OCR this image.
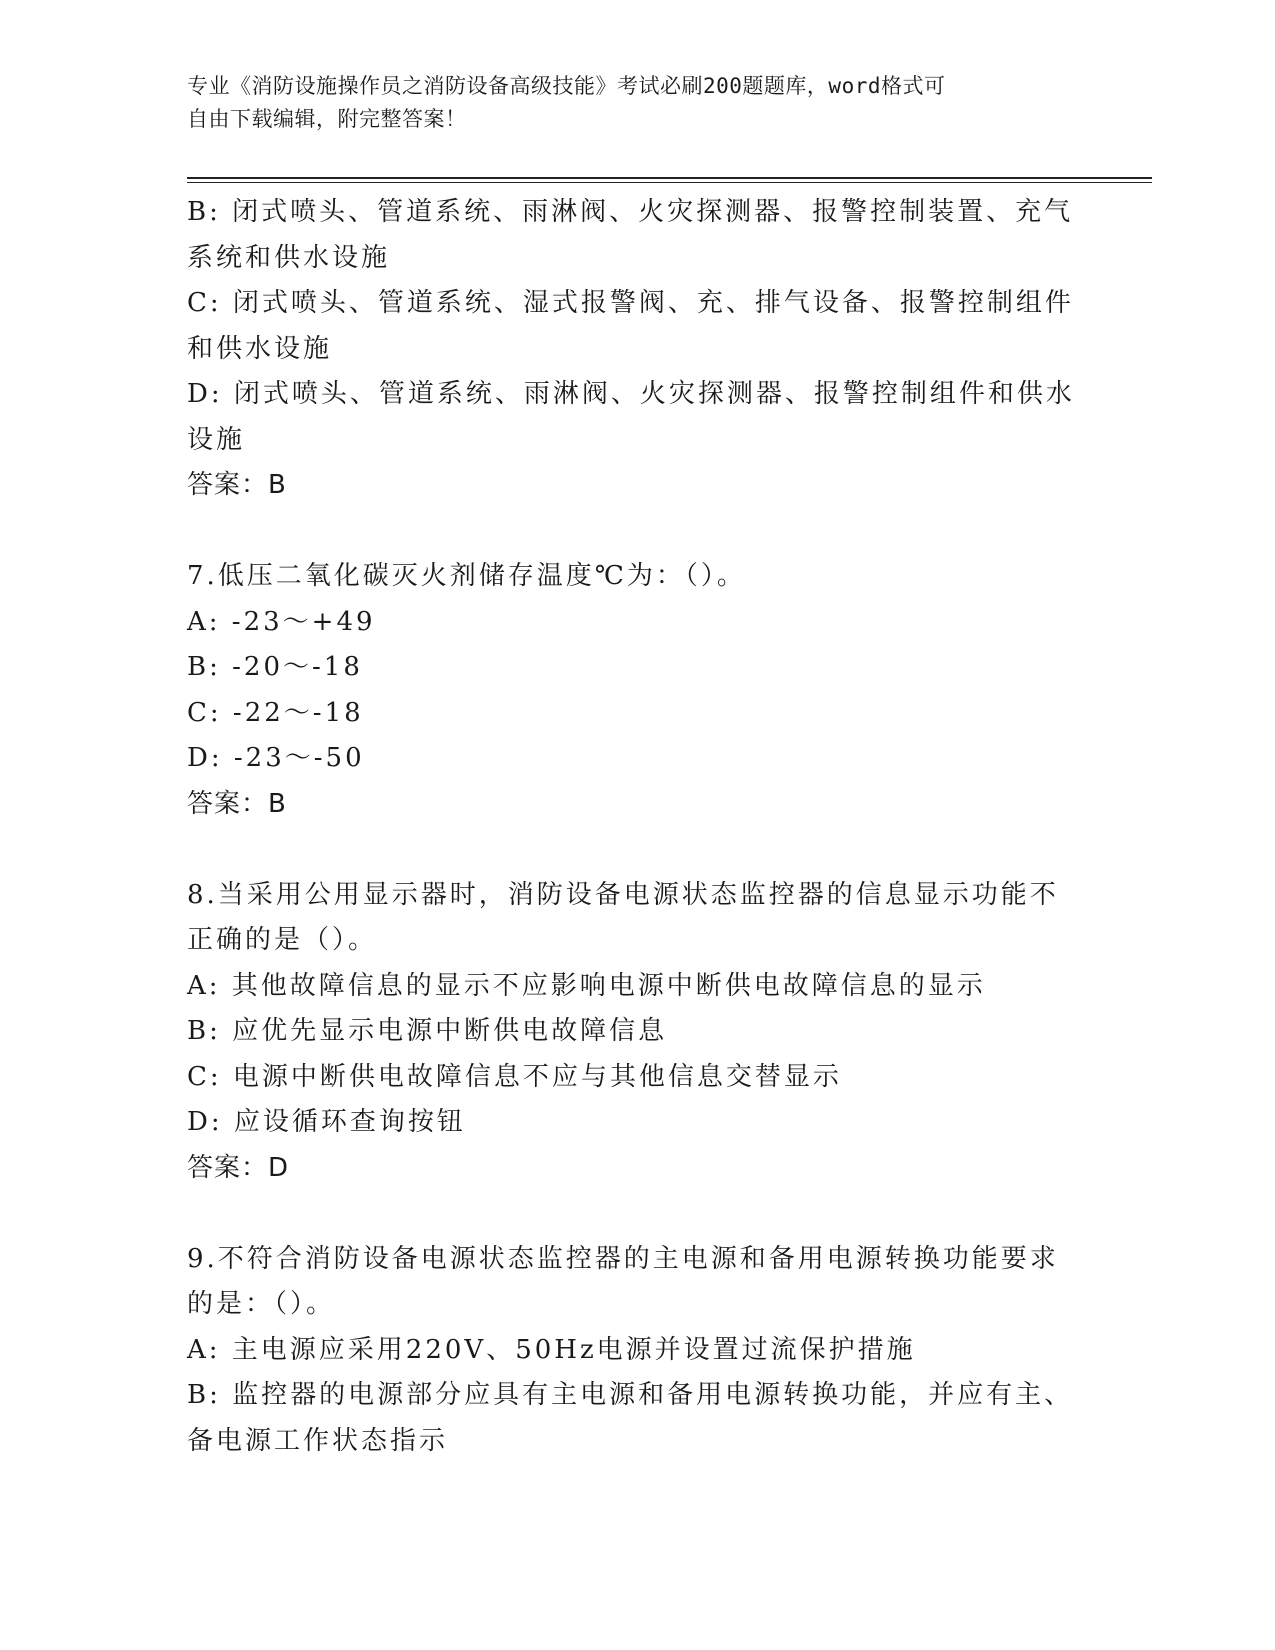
专业《消防设施操作员之消防设备高级技能》考试必刷200题题库，word格式可
自由下载编辑，附完整答案！
B: 闭式喷头、管道系统、雨淋阀、火灾探测器、报警控制装置、充气
系统和供水设施
C: 闭式喷头、管道系统、湿式报警阀、充、排气设备、报警控制组件
和供水设施
D: 闭式喷头、管道系统、雨淋阀、火灾探测器、报警控制组件和供水
设施
答案：B
7.低压二氧化碳灭火剂储存温度℃为：（）。
A: -23～+49
B: -20～-18
C: -22～-18
D: -23～-50
答案：B
8.当采用公用显示器时，消防设备电源状态监控器的信息显示功能不
正确的是（）。
A: 其他故障信息的显示不应影响电源中断供电故障信息的显示
B: 应优先显示电源中断供电故障信息
C: 电源中断供电故障信息不应与其他信息交替显示
D: 应设循环查询按钮
答案：D
9.不符合消防设备电源状态监控器的主电源和备用电源转换功能要求
的是：（）。
A: 主电源应采用220V、50Hz电源并设置过流保护措施
B: 监控器的电源部分应具有主电源和备用电源转换功能，并应有主、
备电源工作状态指示
